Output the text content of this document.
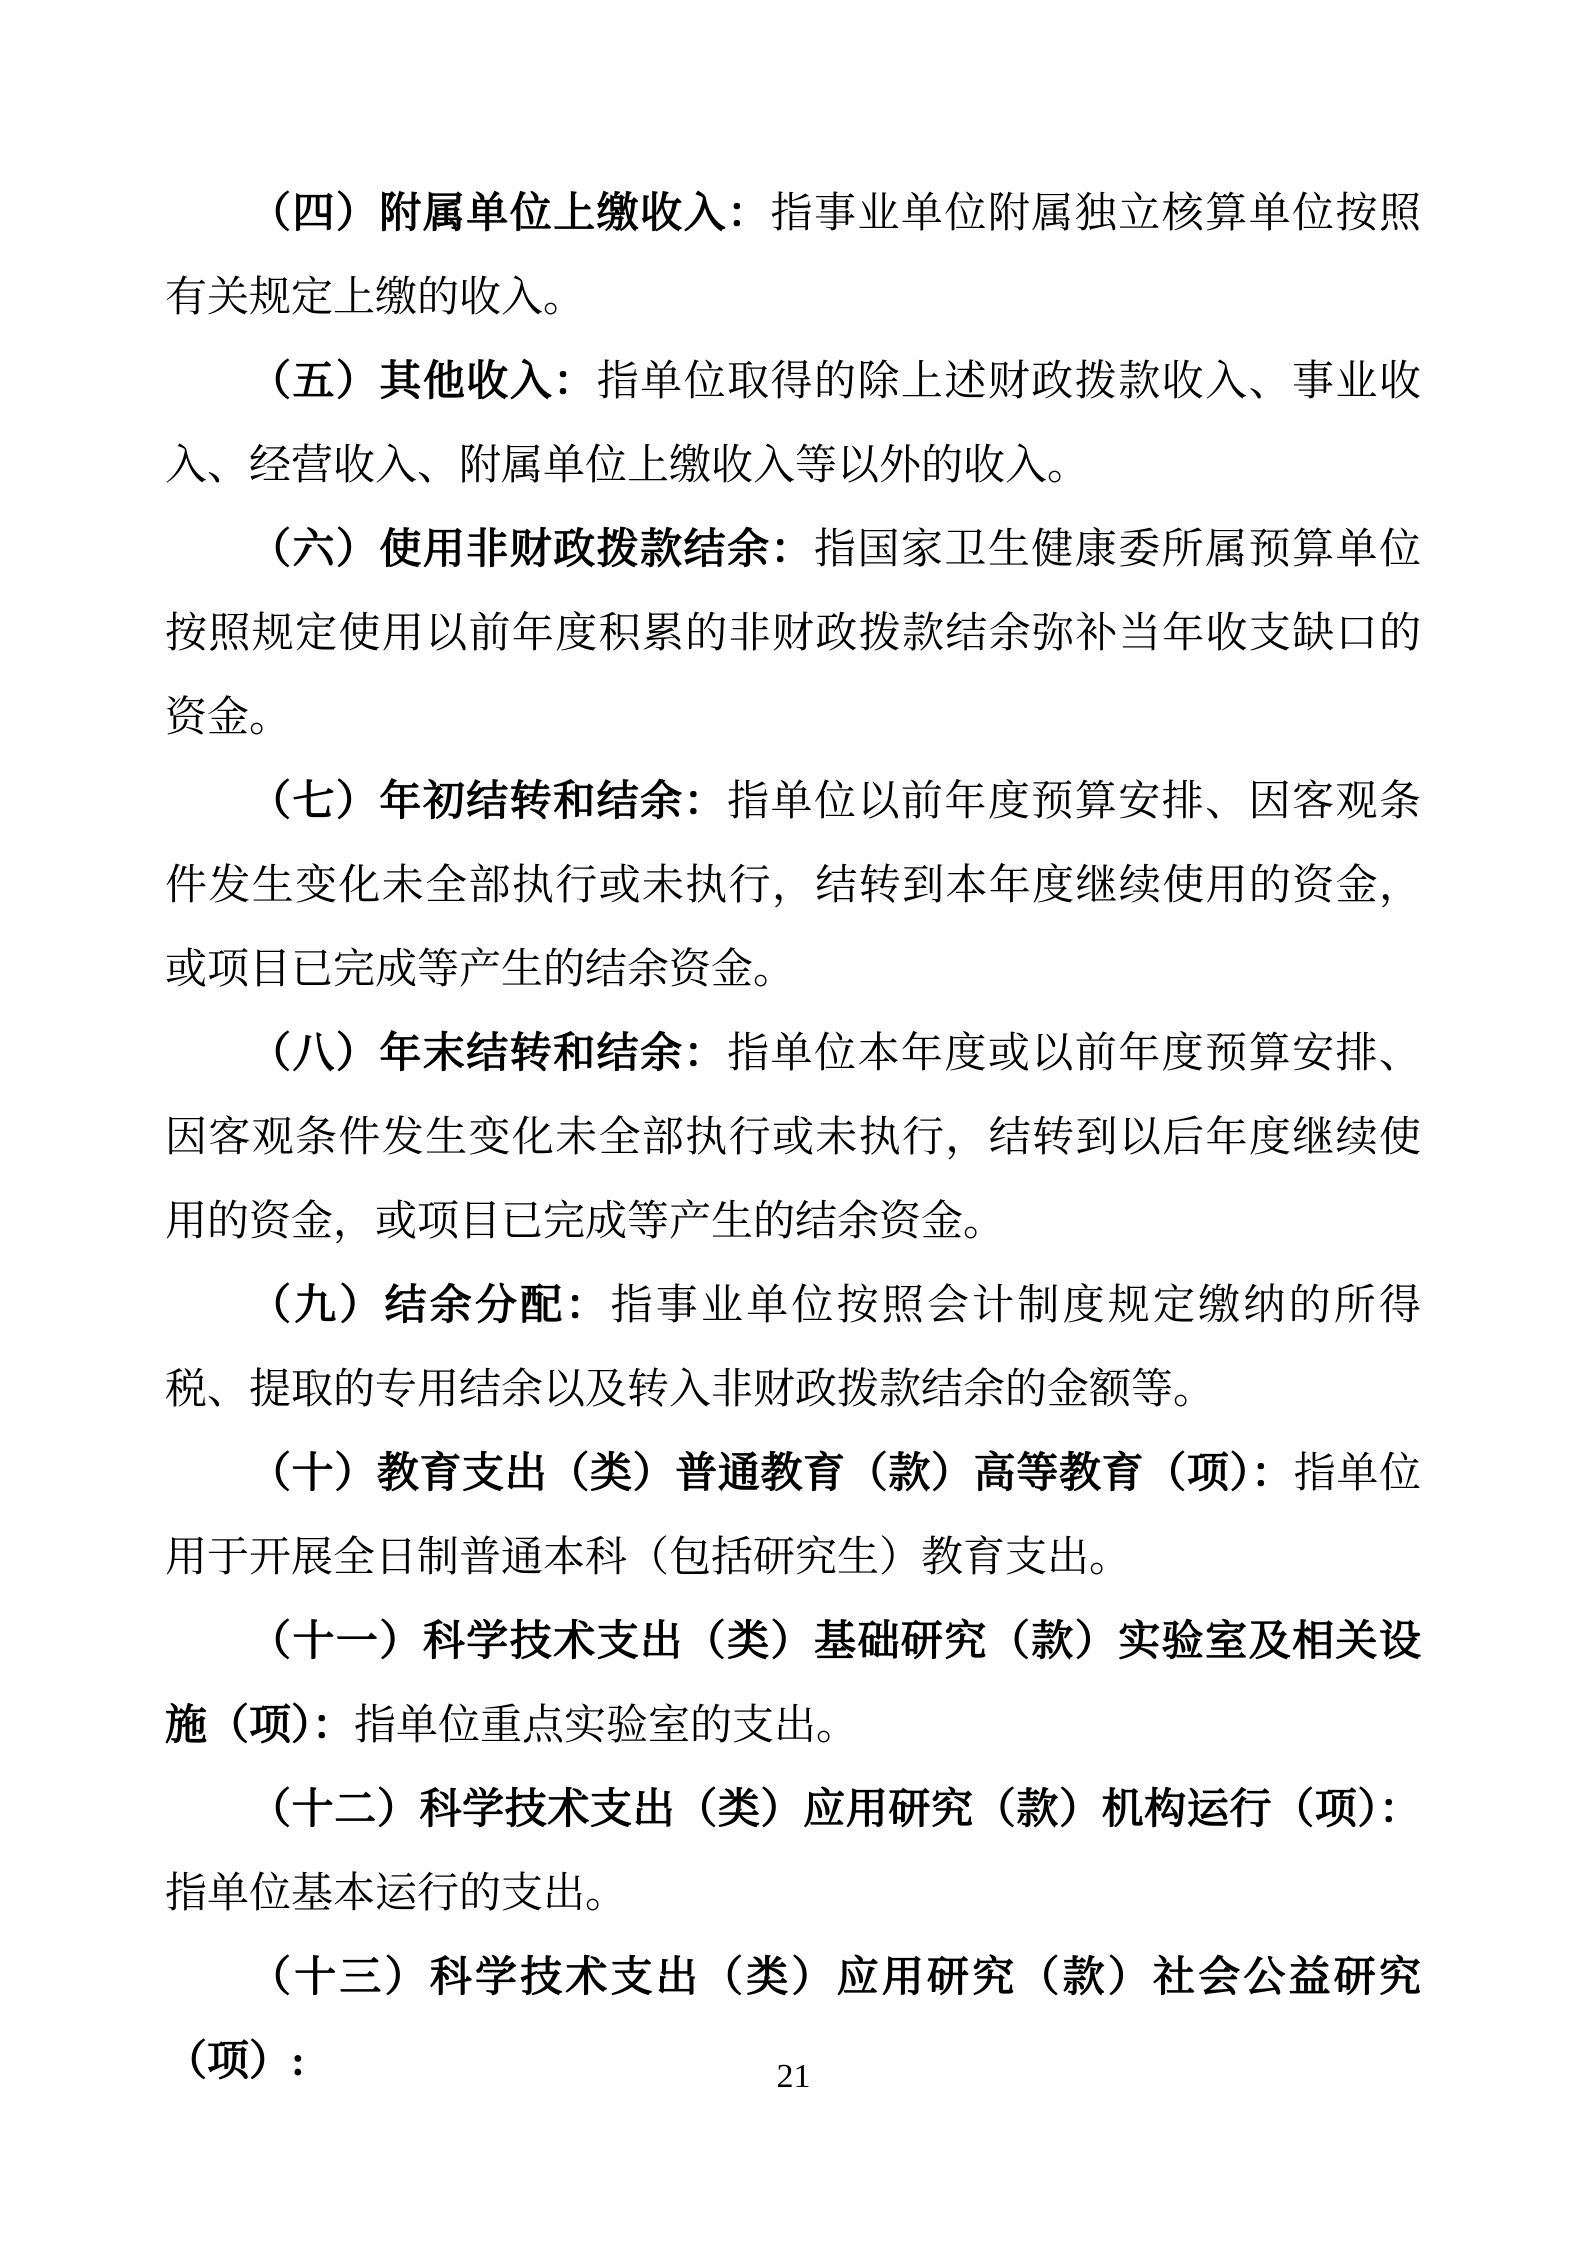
（四）附属单位上缴收入：指事业单位附属独立核算单位按照有关规定上缴的收入。

（五）其他收入：指单位取得的除上述财政拨款收入、事业收入、经营收入、附属单位上缴收入等以外的收入。

（六）使用非财政拨款结余：指国家卫生健康委所属预算单位按照规定使用以前年度积累的非财政拨款结余弥补当年收支缺口的资金。

（七）年初结转和结余：指单位以前年度预算安排、因客观条件发生变化未全部执行或未执行，结转到本年度继续使用的资金，或项目已完成等产生的结余资金。

（八）年末结转和结余：指单位本年度或以前年度预算安排、因客观条件发生变化未全部执行或未执行，结转到以后年度继续使用的资金，或项目已完成等产生的结余资金。

（九）结余分配：指事业单位按照会计制度规定缴纳的所得税、提取的专用结余以及转入非财政拨款结余的金额等。

（十）教育支出（类）普通教育（款）高等教育（项）：指单位用于开展全日制普通本科（包括研究生）教育支出。

（十一）科学技术支出（类）基础研究（款）实验室及相关设施（项）：指单位重点实验室的支出。

（十二）科学技术支出（类）应用研究（款）机构运行（项）：指单位基本运行的支出。

（十三）科学技术支出（类）应用研究（款）社会公益研究（项）:	21
